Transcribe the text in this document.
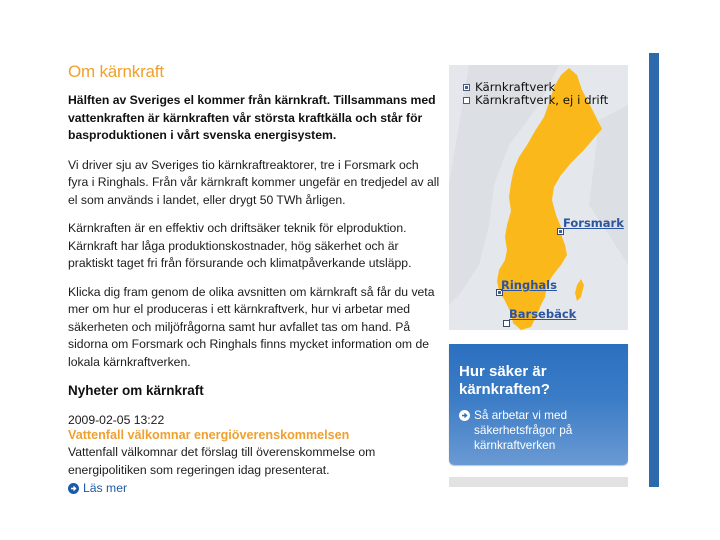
Om kärnkraft

Hälften av Sveriges el kommer från kärnkraft. Tillsammans med vattenkraften är kärnkraften vår största kraftkälla och står för basproduktionen i vårt svenska energisystem.

Vi driver sju av Sveriges tio kärnkraftreaktorer, tre i Forsmark och fyra i Ringhals. Från vår kärnkraft kommer ungefär en tredjedel av all el som används i landet, eller drygt 50 TWh årligen.

Kärnkraften är en effektiv och driftsäker teknik för elproduktion. Kärnkraft har låga produktionskostnader, hög säkerhet och är praktiskt taget fri från försurande och klimatpåverkande utsläpp.

Klicka dig fram genom de olika avsnitten om kärnkraft så får du veta mer om hur el produceras i ett kärnkraftverk, hur vi arbetar med säkerheten och miljöfrågorna samt hur avfallet tas om hand. På sidorna om Forsmark och Ringhals finns mycket information om de lokala kärnkraftverken.

Nyheter om kärnkraft
2009-02-05 13:22
Vattenfall välkomnar energiöverenskommelsen
Vattenfall välkomnar det förslag till överenskommelse om energipolitiken som regeringen idag presenterat.
Läs mer
Kärnkraftverk
Kärnkraftverk, ej i drift
Forsmark
Ringhals
Barsebäck
Hur säker är
kärnkraften?
Så arbetar vi med
säkerhetsfrågor på
kärnkraftverken
